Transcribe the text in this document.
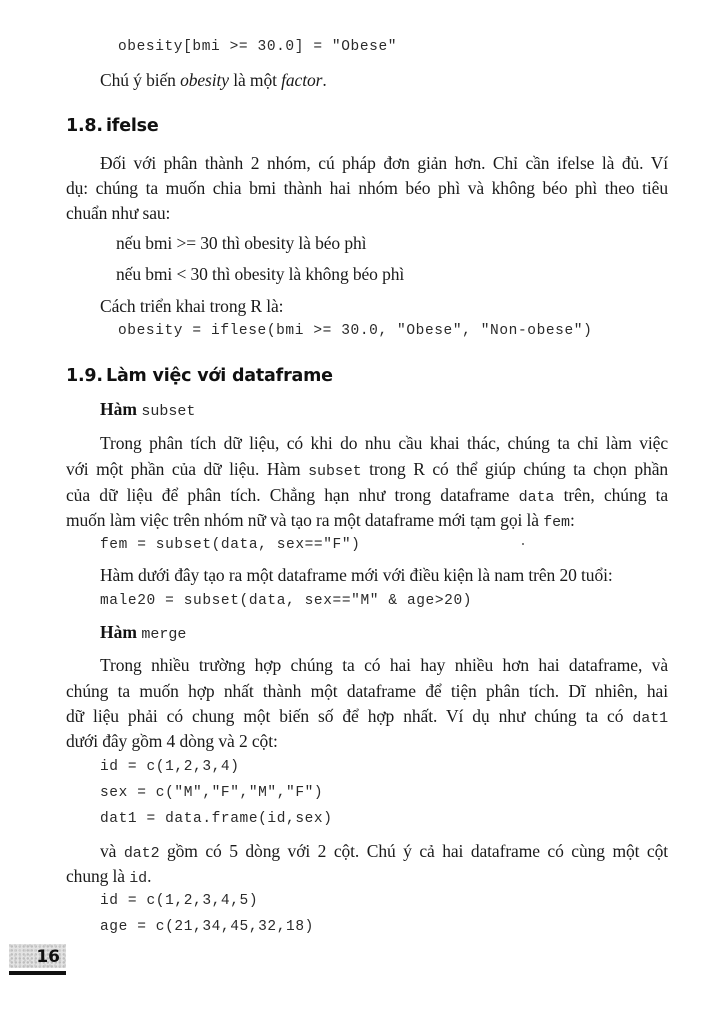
obesity[bmi >= 30.0] = "Obese"
Chú ý biến obesity là một factor.
1.8. ifelse
Đối với phân thành 2 nhóm, cú pháp đơn giản hơn. Chỉ cần ifelse là đủ. Ví
dụ: chúng ta muốn chia bmi thành hai nhóm béo phì và không béo phì theo tiêu
chuẩn như sau:
nếu bmi >= 30 thì obesity là béo phì
nếu bmi < 30 thì obesity là không béo phì
Cách triển khai trong R là:
obesity = iflese(bmi >= 30.0, "Obese", "Non-obese")
1.9. Làm việc với dataframe
Hàm subset
Trong phân tích dữ liệu, có khi do nhu cầu khai thác, chúng ta chỉ làm việc
với một phần của dữ liệu. Hàm subset trong R có thể giúp chúng ta chọn phần
của dữ liệu để phân tích. Chẳng hạn như trong dataframe data trên, chúng ta
muốn làm việc trên nhóm nữ và tạo ra một dataframe mới tạm gọi là fem:
fem = subset(data, sex=="F")
Hàm dưới đây tạo ra một dataframe mới với điều kiện là nam trên 20 tuổi:
male20 = subset(data, sex=="M" & age>20)
Hàm merge
Trong nhiều trường hợp chúng ta có hai hay nhiều hơn hai dataframe, và
chúng ta muốn hợp nhất thành một dataframe để tiện phân tích. Dĩ nhiên, hai
dữ liệu phải có chung một biến số để hợp nhất. Ví dụ như chúng ta có dat1
dưới đây gồm 4 dòng và 2 cột:
id = c(1,2,3,4)
sex = c("M","F","M","F")
dat1 = data.frame(id,sex)
và dat2 gồm có 5 dòng với 2 cột. Chú ý cả hai dataframe có cùng một cột
chung là id.
id = c(1,2,3,4,5)
age = c(21,34,45,32,18)
16
